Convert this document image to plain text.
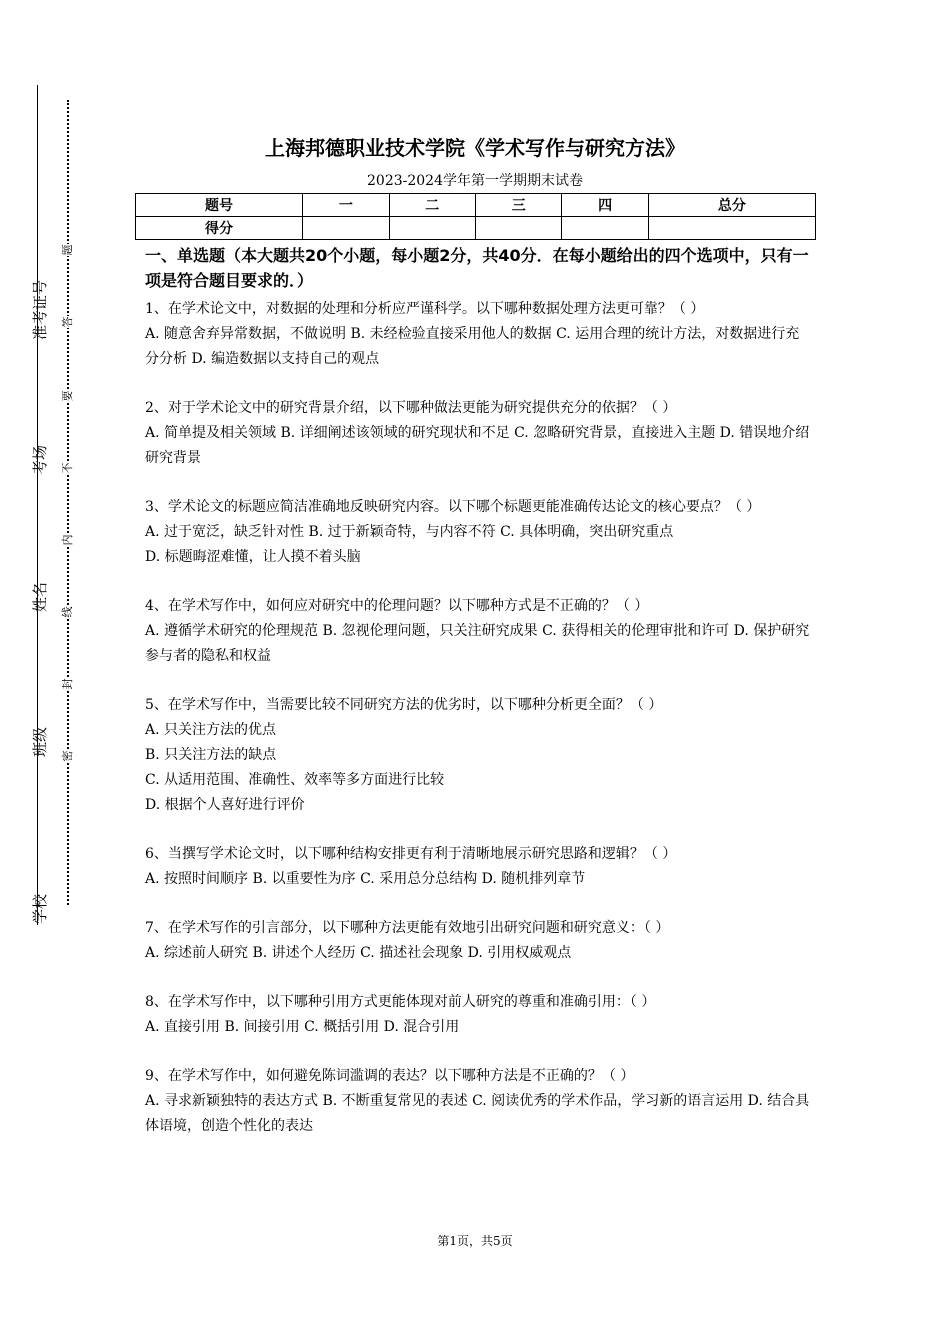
准考证号
考场
姓名
班级
学校
题
答
要
不
内
线
封
密
上海邦德职业技术学院《学术写作与研究方法》
2023-2024学年第一学期期末试卷
题号	一	二	三	四	总分
得分					
一、单选题（本大题共20个小题，每小题2分，共40分．在每小题给出的四个选项中，只有一项是符合题目要求的．）

1、在学术论文中，对数据的处理和分析应严谨科学。以下哪种数据处理方法更可靠？（ ）

A. 随意舍弃异常数据，不做说明 B. 未经检验直接采用他人的数据 C. 运用合理的统计方法，对数据进行充分分析 D. 编造数据以支持自己的观点

2、对于学术论文中的研究背景介绍，以下哪种做法更能为研究提供充分的依据？（ ）

A. 简单提及相关领域 B. 详细阐述该领域的研究现状和不足 C. 忽略研究背景，直接进入主题 D. 错误地介绍研究背景

3、学术论文的标题应简洁准确地反映研究内容。以下哪个标题更能准确传达论文的核心要点？（ ）

A. 过于宽泛，缺乏针对性 B. 过于新颖奇特，与内容不符 C. 具体明确，突出研究重点

D. 标题晦涩难懂，让人摸不着头脑

4、在学术写作中，如何应对研究中的伦理问题？以下哪种方式是不正确的？（ ）

A. 遵循学术研究的伦理规范 B. 忽视伦理问题，只关注研究成果 C. 获得相关的伦理审批和许可 D. 保护研究参与者的隐私和权益

5、在学术写作中，当需要比较不同研究方法的优劣时，以下哪种分析更全面？（ ）

A. 只关注方法的优点

B. 只关注方法的缺点

C. 从适用范围、准确性、效率等多方面进行比较

D. 根据个人喜好进行评价

6、当撰写学术论文时，以下哪种结构安排更有利于清晰地展示研究思路和逻辑？（ ）

A. 按照时间顺序 B. 以重要性为序 C. 采用总分总结构 D. 随机排列章节

7、在学术写作的引言部分，以下哪种方法更能有效地引出研究问题和研究意义：（ ）

A. 综述前人研究 B. 讲述个人经历 C. 描述社会现象 D. 引用权威观点

8、在学术写作中，以下哪种引用方式更能体现对前人研究的尊重和准确引用：（ ）

A. 直接引用 B. 间接引用 C. 概括引用 D. 混合引用

9、在学术写作中，如何避免陈词滥调的表达？以下哪种方法是不正确的？（ ）

A. 寻求新颖独特的表达方式 B. 不断重复常见的表述 C. 阅读优秀的学术作品，学习新的语言运用 D. 结合具体语境，创造个性化的表达

第1页，共5页
